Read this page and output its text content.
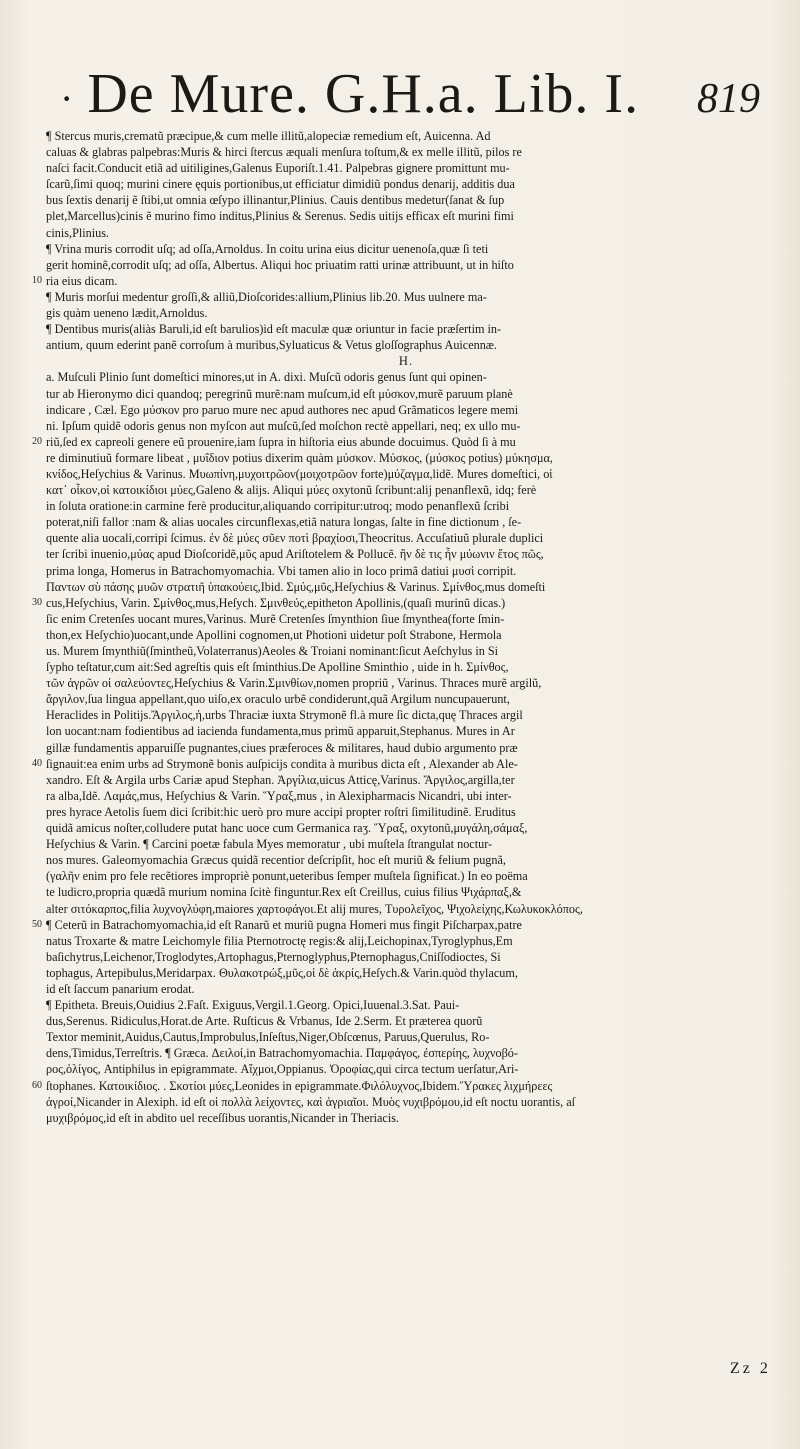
· De Mure. G.H.a. Lib. I. 819
¶ Stercus muris,crematũ præcipue,& cum melle illitũ,alopeciæ remedium eſt, Auicenna. Ad
caluas & glabras palpebras:Muris & hirci ſtercus æquali menſura toſtum,& ex melle illitũ, pilos re
naſci facit.Conducit etiã ad uitiligines,Galenus Euporiſt.1.41. Palpebras gignere promittunt mu-
ſcarũ,ſimi quoq; murini cinere ęquis portionibus,ut efficiatur dimidiũ pondus denarij, additis dua
bus ſextis denarij ẽ ſtibi,ut omnia œſypo illinantur,Plinius. Cauis dentibus medetur(ſanat & ſup
plet,Marcellus)cinis ẽ murino fimo inditus,Plinius & Serenus. Sedis uitijs efficax eſt murini fimi
cinis,Plinius.
¶ Vrina muris corrodit uſq; ad oſſa,Arnoldus. In coitu urina eius dicitur uenenoſa,quæ ſi teti
gerit hominẽ,corrodit uſq; ad oſſa, Albertus. Aliqui hoc priuatim ratti urinæ attribuunt, ut in hiſto
10 ria eius dicam.
¶ Muris morſui medentur groſſi,& alliũ,Dioſcorides:allium,Plinius lib.20. Mus uulnere ma-
gis quàm ueneno lædit,Arnoldus.
¶ Dentibus muris(aliàs Baruli,id eſt barulios)id eſt maculæ quæ oriuntur in facie præſertim in-
antium, quum ederint panẽ corroſum à muribus,Syluaticus & Vetus gloſſographus Auicennæ.
H.
a. Muſculi Plinio ſunt domeſtici minores,ut in A. dixi. Muſcũ odoris genus ſunt qui opinen-
tur ab Hieronymo dici quandoq; peregrinũ murẽ:nam muſcum,id eſt μύσκον,murẽ paruum planè
indicare , Cæl. Ego μύσκον pro paruo mure nec apud authores nec apud Grãmaticos legere memi
ni. Ipſum quidẽ odoris genus non myſcon aut muſcũ,ſed moſchon rectè appellari, neq; ex ullo mu-
20 riũ,ſed ex capreoli genere eũ prouenire,iam ſupra in hiſtoria eius abunde docuimus. Quòd ſi à mu
re diminutiuũ formare libeat , μυΐδιον potius dixerim quàm μύσκον. Μύσκος, (μύσκος potius) μύκησμα,
κνίδος,Heſychius & Varinus. Μυωπίνη,μυχοιτρῶον(μοιχοτρῶον forte)μύζαγμα,lidẽ. Mures domeſtici, οἱ
κατ᾽ οἶκον,οἱ κατοικίδιοι μύες,Galeno & alijs. Aliqui μύες oxytonũ ſcribunt:alij penanflexũ, idq; ferè
in ſoluta oratione:in carmine ferè producitur,aliquando corripitur:utroq; modo penanflexũ ſcribi
poterat,niſi fallor :nam & alias uocales circunflexas,etiã natura longas, ſalte in fine dictionum , ſe-
quente alia uocali,corripi ſcimus. ἐν δὲ μύες σῦεν ποτὶ βραχίοσι,Theocritus. Accuſatiuũ plurale duplici
ter ſcribi inuenio,μύας apud Dioſcoridẽ,μῦς apud Ariſtotelem & Pollucẽ. ἢν δὲ τις ἦν μύωνιν ἔτος πῶς,
prima longa, Homerus in Batrachomyomachia. Vbi tamen alio in loco primã datiui μυσὶ corripit.
Παντων σὺ πάσης μυῶν στρατιῆ ὑπακούεις,Ibid. Σμύς,μῦς,Heſychius & Varinus. Σμίνθος,mus domeſti
30 cus,Heſychius, Varin. Σμίνθος,mus,Heſych. Σμινθεύς,epitheton Apollinis,(quaſi murinũ dicas.)
ſic enim Cretenſes uocant mures,Varinus. Murẽ Cretenſes ſmynthion ſiue ſmynthea(forte ſmin-
thon,ex Heſychio)uocant,unde Apollini cognomen,ut Photioni uidetur poſt Strabone, Hermola
us. Murem ſmynthiũ(ſmintheũ,Volaterranus)Aeoles & Troiani nominant:ſicut Aeſchylus in Si
ſypho teſtatur,cum ait:Sed agreſtis quis eſt ſminthius.De Apolline Sminthio , uide in h. Σμίνθος,
τῶν ἀγρῶν οἱ σαλεύοντες,Heſychius & Varin.Σμινθίων,nomen propriũ , Varinus. Thraces murẽ argilũ,
ἄργιλον,ſua lingua appellant,quo uiſo,ex oraculo urbẽ condiderunt,quã Argilum nuncupauerunt,
Heraclides in Politijs.Ἄργιλος,ἡ,urbs Thraciæ iuxta Strymonẽ fl.à mure ſic dicta,quę Thraces argil
lon uocant:nam fodientibus ad iacienda fundamenta,mus primũ apparuit,Stephanus. Mures in Ar
gillæ fundamentis apparuiſſe pugnantes,ciues præferoces & militares, haud dubio argumento præ
40 ſignauit:ea enim urbs ad Strymonẽ bonis auſpicijs condita à muribus dicta eſt , Alexander ab Ale-
xandro. Eſt & Argila urbs Cariæ apud Stephan. Ἀργίλια,uicus Atticę,Varinus. Ἄργιλος,argilla,ter
ra alba,Idẽ. Λαμάς,mus, Heſychius & Varin. Ὕραξ,mus , in Alexipharmacis Nicandri, ubi inter-
pres hyrace Aetolis ſuem dici ſcribit:hic uerò pro mure accipi propter roſtri ſimilitudinẽ. Eruditus
quidã amicus noſter,colludere putat hanc uoce cum Germanica raʒ. Ὕραξ, oxytonũ,μυγάλη,σάμαξ,
Heſychius & Varin. ¶ Carcini poetæ fabula Myes memoratur , ubi muſtela ſtrangulat noctur-
nos mures. Galeomyomachia Græcus quidã recentior deſcripſit, hoc eſt muriũ & felium pugnã,
(γαλῆν enim pro fele recẽtiores impropriè ponunt,ueteribus ſemper muſtela ſignificat.) In eo poëma
te ludicro,propria quædã murium nomina ſcitè finguntur.Rex eſt Creillus, cuius filius Ψιχάρπαξ,&
alter σιτόκαρπος,filia λυχνογλύφη,maiores χαρτοφάγοι.Et alij mures, Τυρολεῖχος, Ψιχολείχης,Κωλυκοκλόπος,
50 ¶ Ceterũ in Batrachomyomachia,id eſt Ranarũ et muriũ pugna Homeri mus fingit Piſcharpax,patre
natus Troxarte & matre Leichomyle filia Pternotroctę regis:& alij,Leichopinax,Tyroglyphus,Em
baſichytrus,Leichenor,Troglodytes,Artophagus,Pternoglyphus,Pternophagus,Cniſſodioctes, Si
tophagus, Artepibulus,Meridarpax. Θυλακοτρώξ,μῦς,οἱ δὲ ἀκρίς,Heſych.& Varin.quòd thylacum,
id eſt ſaccum panarium erodat.
¶ Epitheta. Breuis,Ouidius 2.Faſt. Exiguus,Vergil.1.Georg. Opici,Iuuenal.3.Sat. Paui-
dus,Serenus. Ridiculus,Horat.de Arte. Ruſticus & Vrbanus, Ide 2.Serm. Et præterea quorũ
Textor meminit,Auidus,Cautus,Improbulus,Inſeſtus,Niger,Obſcœnus, Paruus,Querulus, Ro-
dens,Timidus,Terreſtris. ¶ Græca. Δειλοί,in Batrachomyomachia. Παμφάγος, ἐσπερίης, λυχνοβό-
ρος,ὀλίγος, Antiphilus in epigrammate. Αἴχμοι,Oppianus. Ὀροφίας,qui circa tectum uerſatur,Ari-
60 ſtophanes. Κατοικίδιος. . Σκοτίοι μύες,Leonides in epigrammate.Φιλόλυχνος,Ibidem.Ὕρακες λιχμήρεες
ἀγροί,Nicander in Alexiph. id eſt οἱ πολλὰ λείχοντες, καὶ ἀγριαῖοι. Μυὸς νυχιβρόμου,id eſt noctu uorantis, aſ
μυχιβρόμος,id eſt in abdito uel receſſibus uorantis,Nicander in Theriacis.
Zz 2
